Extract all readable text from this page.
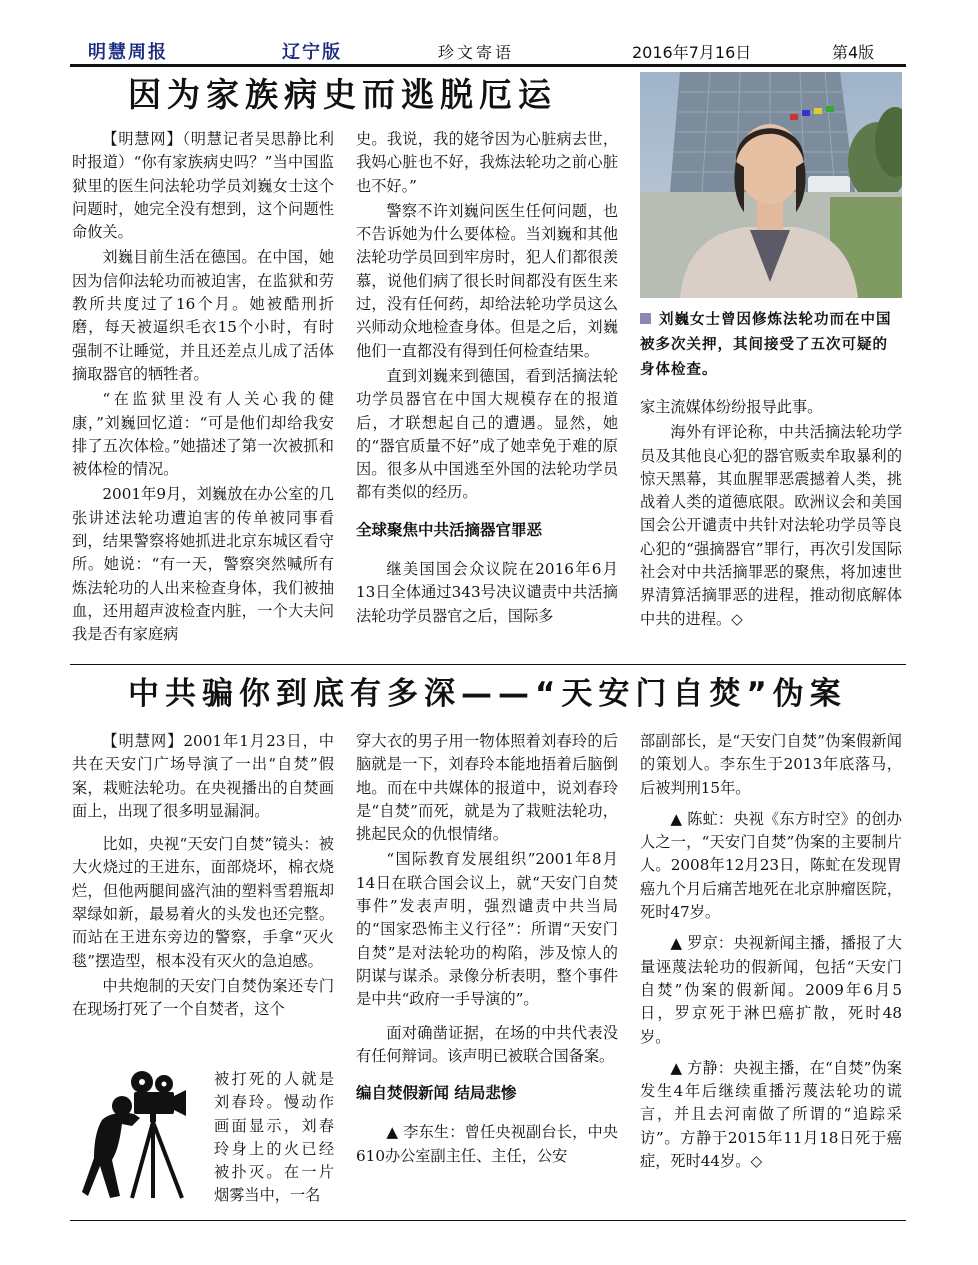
明慧周报	辽宁版	珍文寄语	2016年7月16日	第4版
因为家族病史而逃脱厄运

【明慧网】（明慧记者吴思静比利时报道）“你有家族病史吗？”当中国监狱里的医生问法轮功学员刘巍女士这个问题时，她完全没有想到，这个问题性命攸关。

刘巍目前生活在德国。在中国，她因为信仰法轮功而被迫害，在监狱和劳教所共度过了16个月。她被酷刑折磨，每天被逼织毛衣15个小时，有时强制不让睡觉，并且还差点儿成了活体摘取器官的牺牲者。

“在监狱里没有人关心我的健康，”刘巍回忆道：“可是他们却给我安排了五次体检。”她描述了第一次被抓和被体检的情况。

2001年9月，刘巍放在办公室的几张讲述法轮功遭迫害的传单被同事看到，结果警察将她抓进北京东城区看守所。她说：“有一天，警察突然喊所有炼法轮功的人出来检查身体，我们被抽血，还用超声波检查内脏，一个大夫问我是否有家庭病

史。我说，我的姥爷因为心脏病去世，我妈心脏也不好，我炼法轮功之前心脏也不好。”

警察不许刘巍问医生任何问题，也不告诉她为什么要体检。当刘巍和其他法轮功学员回到牢房时，犯人们都很羡慕，说他们病了很长时间都没有医生来过，没有任何药，却给法轮功学员这么兴师动众地检查身体。但是之后，刘巍他们一直都没有得到任何检查结果。

直到刘巍来到德国，看到活摘法轮功学员器官在中国大规模存在的报道后，才联想起自己的遭遇。显然，她的“器官质量不好”成了她幸免于难的原因。很多从中国逃至外国的法轮功学员都有类似的经历。

全球聚焦中共活摘器官罪恶

继美国国会众议院在2016年6月13日全体通过343号决议谴责中共活摘法轮功学员器官之后，国际多

刘巍女士曾因修炼法轮功而在中国被多次关押，其间接受了五次可疑的身体检查。

家主流媒体纷纷报导此事。

海外有评论称，中共活摘法轮功学员及其他良心犯的器官贩卖牟取暴利的惊天黑幕，其血腥罪恶震撼着人类，挑战着人类的道德底限。欧洲议会和美国国会公开谴责中共针对法轮功学员等良心犯的“强摘器官”罪行，再次引发国际社会对中共活摘罪恶的聚焦，将加速世界清算活摘罪恶的进程，推动彻底解体中共的进程。◇

中共骗你到底有多深——“天安门自焚”伪案

【明慧网】2001年1月23日，中共在天安门广场导演了一出“自焚”假案，栽赃法轮功。在央视播出的自焚画面上，出现了很多明显漏洞。

比如，央视“天安门自焚”镜头：被大火烧过的王进东，面部烧坏，棉衣烧烂，但他两腿间盛汽油的塑料雪碧瓶却翠绿如新，最易着火的头发也还完整。而站在王进东旁边的警察，手拿“灭火毯”摆造型，根本没有灭火的急迫感。

中共炮制的天安门自焚伪案还专门在现场打死了一个自焚者，这个

被打死的人就是刘春玲。慢动作画面显示，刘春玲身上的火已经被扑灭。在一片烟雾当中，一名

穿大衣的男子用一物体照着刘春玲的后脑就是一下，刘春玲本能地捂着后脑倒地。而在中共媒体的报道中，说刘春玲是“自焚”而死，就是为了栽赃法轮功，挑起民众的仇恨情绪。

“国际教育发展组织”2001年8月14日在联合国会议上，就“天安门自焚事件”发表声明，强烈谴责中共当局的“国家恐怖主义行径”：所谓“天安门自焚”是对法轮功的构陷，涉及惊人的阴谋与谋杀。录像分析表明，整个事件是中共“政府一手导演的”。

面对确凿证据，在场的中共代表没有任何辩词。该声明已被联合国备案。

编自焚假新闻 结局悲惨

▲ 李东生：曾任央视副台长，中央610办公室副主任、主任，公安

部副部长，是“天安门自焚”伪案假新闻的策划人。李东生于2013年底落马，后被判刑15年。

▲ 陈虻：央视《东方时空》的创办人之一，“天安门自焚”伪案的主要制片人。2008年12月23日，陈虻在发现胃癌九个月后痛苦地死在北京肿瘤医院，死时47岁。

▲ 罗京：央视新闻主播，播报了大量诬蔑法轮功的假新闻，包括“天安门自焚”伪案的假新闻。2009年6月5日，罗京死于淋巴癌扩散，死时48岁。

▲ 方静：央视主播，在“自焚”伪案发生4年后继续重播污蔑法轮功的谎言，并且去河南做了所谓的“追踪采访”。方静于2015年11月18日死于癌症，死时44岁。◇
